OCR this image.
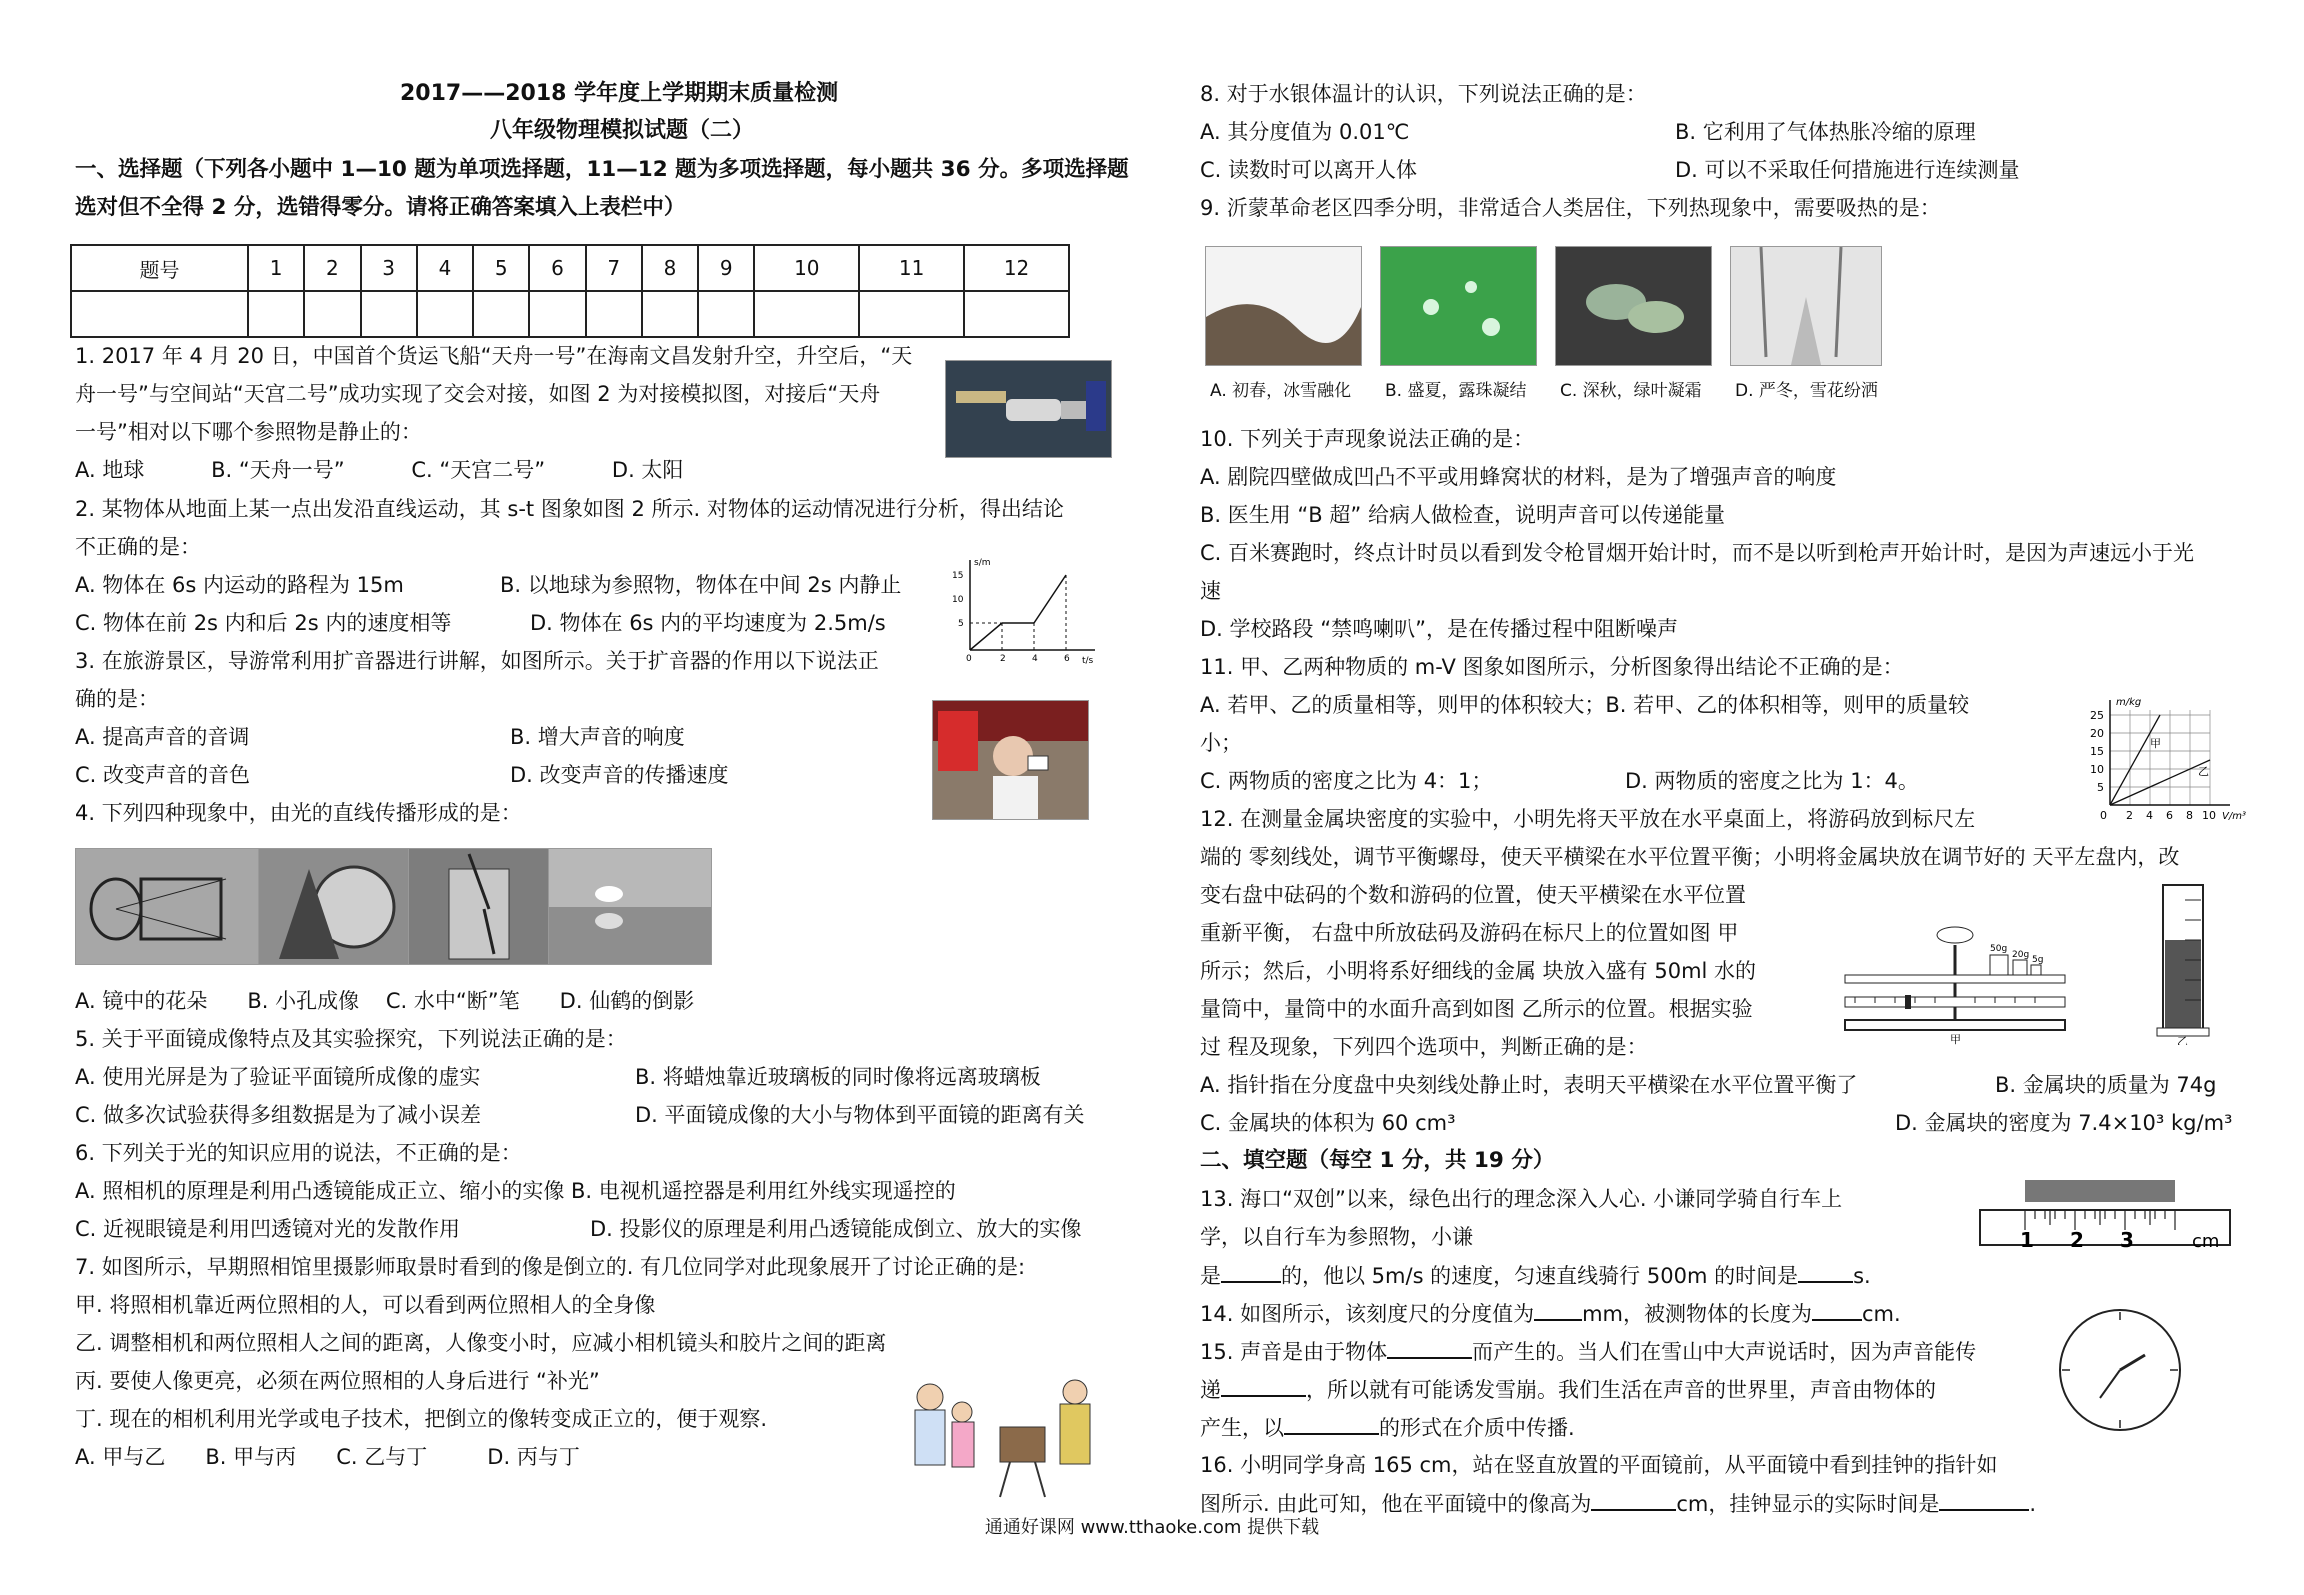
2017——2018 学年度上学期期末质量检测
八年级物理模拟试题（二）
一、选择题（下列各小题中 1—10 题为单项选择题，11—12 题为多项选择题，每小题共 36 分。多项选择题
选对但不全得 2 分，选错得零分。请将正确答案填入上表栏中）
题号	1	2	3	4	5	6	7	8	9	10	11	12

1. 2017 年 4 月 20 日，中国首个货运飞船“天舟一号”在海南文昌发射升空，升空后，“天
舟一号”与空间站“天宫二号”成功实现了交会对接，如图 2 为对接模拟图，对接后“天舟
一号”相对以下哪个参照物是静止的：
A. 地球          B. “天舟一号”          C. “天宫二号”          D. 太阳
2. 某物体从地面上某一点出发沿直线运动，其 s-t 图象如图 2 所示. 对物体的运动情况进行分析，得出结论
不正确的是：
A. 物体在 6s 内运动的路程为 15m	B. 以地球为参照物，物体在中间 2s 内静止
C. 物体在前 2s 内和后 2s 内的速度相等	D. 物体在 6s 内的平均速度为 2.5m/s
s/m
t/s
15
10
5
0	2	4	6
3. 在旅游景区，导游常利用扩音器进行讲解，如图所示。关于扩音器的作用以下说法正
确的是：
A. 提高声音的音调	B. 增大声音的响度
C. 改变声音的音色	D. 改变声音的传播速度
4. 下列四种现象中，由光的直线传播形成的是：
A. 镜中的花朵      B. 小孔成像    C. 水中“断”笔      D. 仙鹤的倒影
5. 关于平面镜成像特点及其实验探究，下列说法正确的是：
A. 使用光屏是为了验证平面镜所成像的虚实	B. 将蜡烛靠近玻璃板的同时像将远离玻璃板
C. 做多次试验获得多组数据是为了减小误差	D. 平面镜成像的大小与物体到平面镜的距离有关
6. 下列关于光的知识应用的说法，不正确的是：
A. 照相机的原理是利用凸透镜能成正立、缩小的实像 B. 电视机遥控器是利用红外线实现遥控的
C. 近视眼镜是利用凹透镜对光的发散作用	D. 投影仪的原理是利用凸透镜能成倒立、放大的实像
7. 如图所示，早期照相馆里摄影师取景时看到的像是倒立的. 有几位同学对此现象展开了讨论正确的是:
甲. 将照相机靠近两位照相的人，可以看到两位照相人的全身像
乙. 调整相机和两位照相人之间的距离，人像变小时，应减小相机镜头和胶片之间的距离
丙. 要使人像更亮，必须在两位照相的人身后进行 “补光”
丁. 现在的相机利用光学或电子技术，把倒立的像转变成正立的，便于观察.
A. 甲与乙      B. 甲与丙      C. 乙与丁         D. 丙与丁
8. 对于水银体温计的认识，下列说法正确的是：
A. 其分度值为 0.01℃	B. 它利用了气体热胀冷缩的原理
C. 读数时可以离开人体	D. 可以不采取任何措施进行连续测量
9. 沂蒙革命老区四季分明，非常适合人类居住，下列热现象中，需要吸热的是：
A. 初春，冰雪融化 B. 盛夏，露珠凝结 C. 深秋，绿叶凝霜 D. 严冬，雪花纷洒
10. 下列关于声现象说法正确的是：
A. 剧院四壁做成凹凸不平或用蜂窝状的材料，是为了增强声音的响度
B. 医生用 “B 超” 给病人做检查，说明声音可以传递能量
C. 百米赛跑时，终点计时员以看到发令枪冒烟开始计时，而不是以听到枪声开始计时，是因为声速远小于光
速
D. 学校路段 “禁鸣喇叭”，是在传播过程中阻断噪声
11. 甲、乙两种物质的 m-V 图象如图所示，分析图象得出结论不正确的是：
A. 若甲、乙的质量相等，则甲的体积较大；B. 若甲、乙的体积相等，则甲的质量较
小；
C. 两物质的密度之比为 4：1；	D. 两物质的密度之比为 1：4。
m/kg
V/m³
25
20
15
10
5
0 2 4 6 8 10
甲
乙
12. 在测量金属块密度的实验中，小明先将天平放在水平桌面上，将游码放到标尺左
端的 零刻线处，调节平衡螺母，使天平横梁在水平位置平衡；小明将金属块放在调节好的 天平左盘内，改
变右盘中砝码的个数和游码的位置，使天平横梁在水平位置
重新平衡， 右盘中所放砝码及游码在标尺上的位置如图 甲
所示；然后，小明将系好细线的金属 块放入盛有 50ml 水的
量筒中，量筒中的水面升高到如图 乙所示的位置。根据实验
过 程及现象，下列四个选项中，判断正确的是：
50g
20g 5g
甲	乙
A. 指针指在分度盘中央刻线处静止时，表明天平横梁在水平位置平衡了	B. 金属块的质量为 74g
C. 金属块的体积为 60 cm³	D. 金属块的密度为 7.4×10³ kg/m³
二、填空题（每空 1 分，共 19 分）
13. 海口“双创”以来，绿色出行的理念深入人心. 小谦同学骑自行车上
学，以自行车为参照物，小谦
是	的，他以 5m/s 的速度，匀速直线骑行 500m 的时间是	s.
1 2 3	cm
14. 如图所示，该刻度尺的分度值为 mm，被测物体的长度为 cm.
15. 声音是由于物体	而产生的。当人们在雪山中大声说话时，因为声音能传
递	，所以就有可能诱发雪崩。我们生活在声音的世界里，声音由物体的
产生，以	的形式在介质中传播.
16. 小明同学身高 165 cm，站在竖直放置的平面镜前，从平面镜中看到挂钟的指针如
图所示. 由此可知，他在平面镜中的像高为	cm，挂钟显示的实际时间是	.
通通好课网 www.tthaoke.com 提供下载
